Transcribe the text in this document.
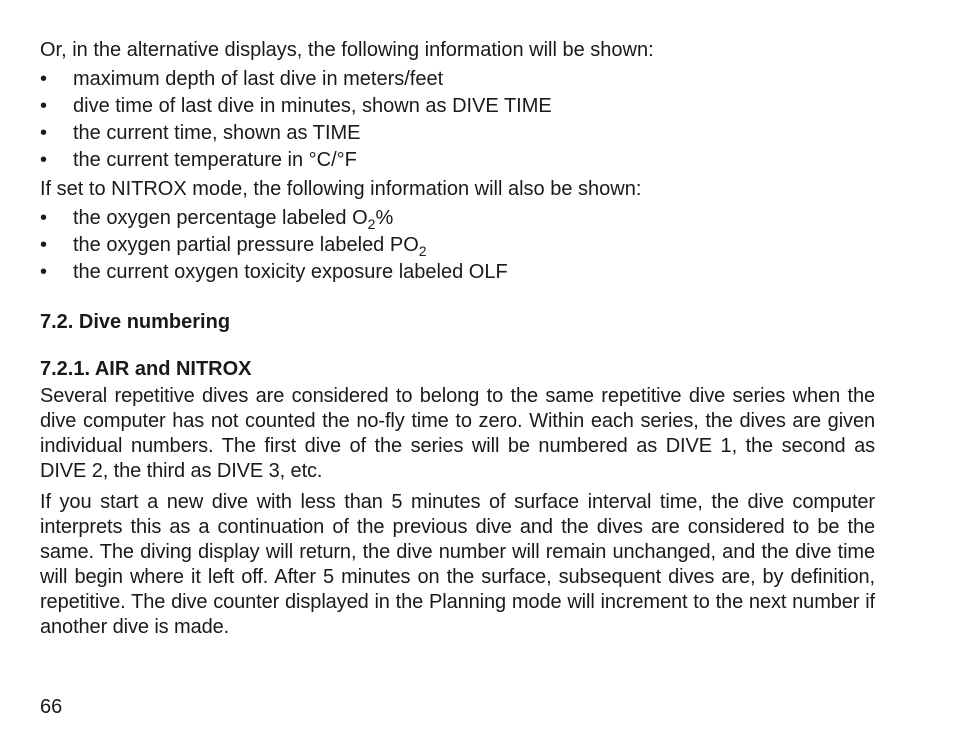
Or, in the alternative displays, the following information will be shown:

• maximum depth of last dive in meters/feet
• dive time of last dive in minutes, shown as DIVE TIME
• the current time, shown as TIME
• the current temperature in °C/°F

If set to NITROX mode, the following information will also be shown:

• the oxygen percentage labeled $O_2\%$
• the oxygen partial pressure labeled $PO_2$
• the current oxygen toxicity exposure labeled OLF
7.2. Dive numbering
7.2.1. AIR and NITROX

Several repetitive dives are considered to belong to the same repetitive dive series when the dive computer has not counted the no-fly time to zero. Within each series, the dives are given individual numbers. The first dive of the series will be numbered as DIVE 1, the second as DIVE 2, the third as DIVE 3, etc.

If you start a new dive with less than 5 minutes of surface interval time, the dive computer interprets this as a continuation of the previous dive and the dives are considered to be the same. The diving display will return, the dive number will remain unchanged, and the dive time will begin where it left off. After 5 minutes on the surface, subsequent dives are, by definition, repetitive. The dive counter displayed in the Planning mode will increment to the next number if another dive is made.

66
